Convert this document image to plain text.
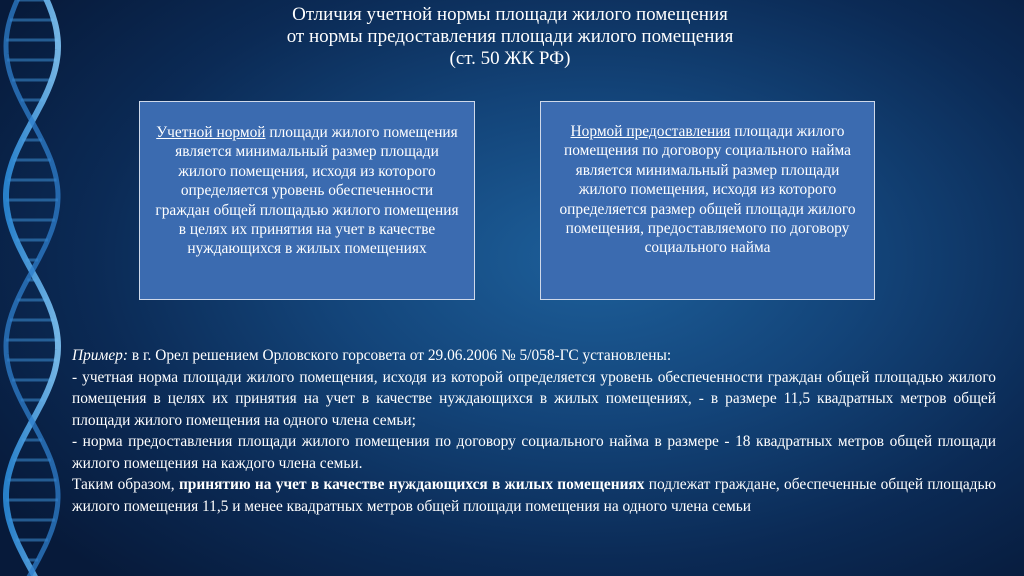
Отличия учетной нормы площади жилого помещения
от нормы предоставления площади жилого помещения
(ст. 50 ЖК РФ)
Учетной нормой площади жилого помещения является минимальный размер площади жилого помещения, исходя из которого определяется уровень обеспеченности граждан общей площадью жилого помещения в целях их принятия на учет в качестве нуждающихся в жилых помещениях
Нормой предоставления площади жилого помещения по договору социального найма является минимальный размер площади жилого помещения, исходя из которого определяется размер общей площади жилого помещения, предоставляемого по договору социального найма

Пример: в г. Орел решением Орловского горсовета от 29.06.2006 № 5/058-ГС установлены:

- учетная норма площади жилого помещения, исходя из которой определяется уровень обеспеченности граждан общей площадью жилого помещения в целях их принятия на учет в качестве нуждающихся в жилых помещениях, - в размере 11,5 квадратных метров общей площади жилого помещения на одного члена семьи;

- норма предоставления площади жилого помещения по договору социального найма в размере - 18 квадратных метров общей площади жилого помещения на каждого члена семьи.

Таким образом, принятию на учет в качестве нуждающихся в жилых помещениях подлежат граждане, обеспеченные общей площадью жилого помещения 11,5 и менее квадратных метров общей площади помещения на одного члена семьи
